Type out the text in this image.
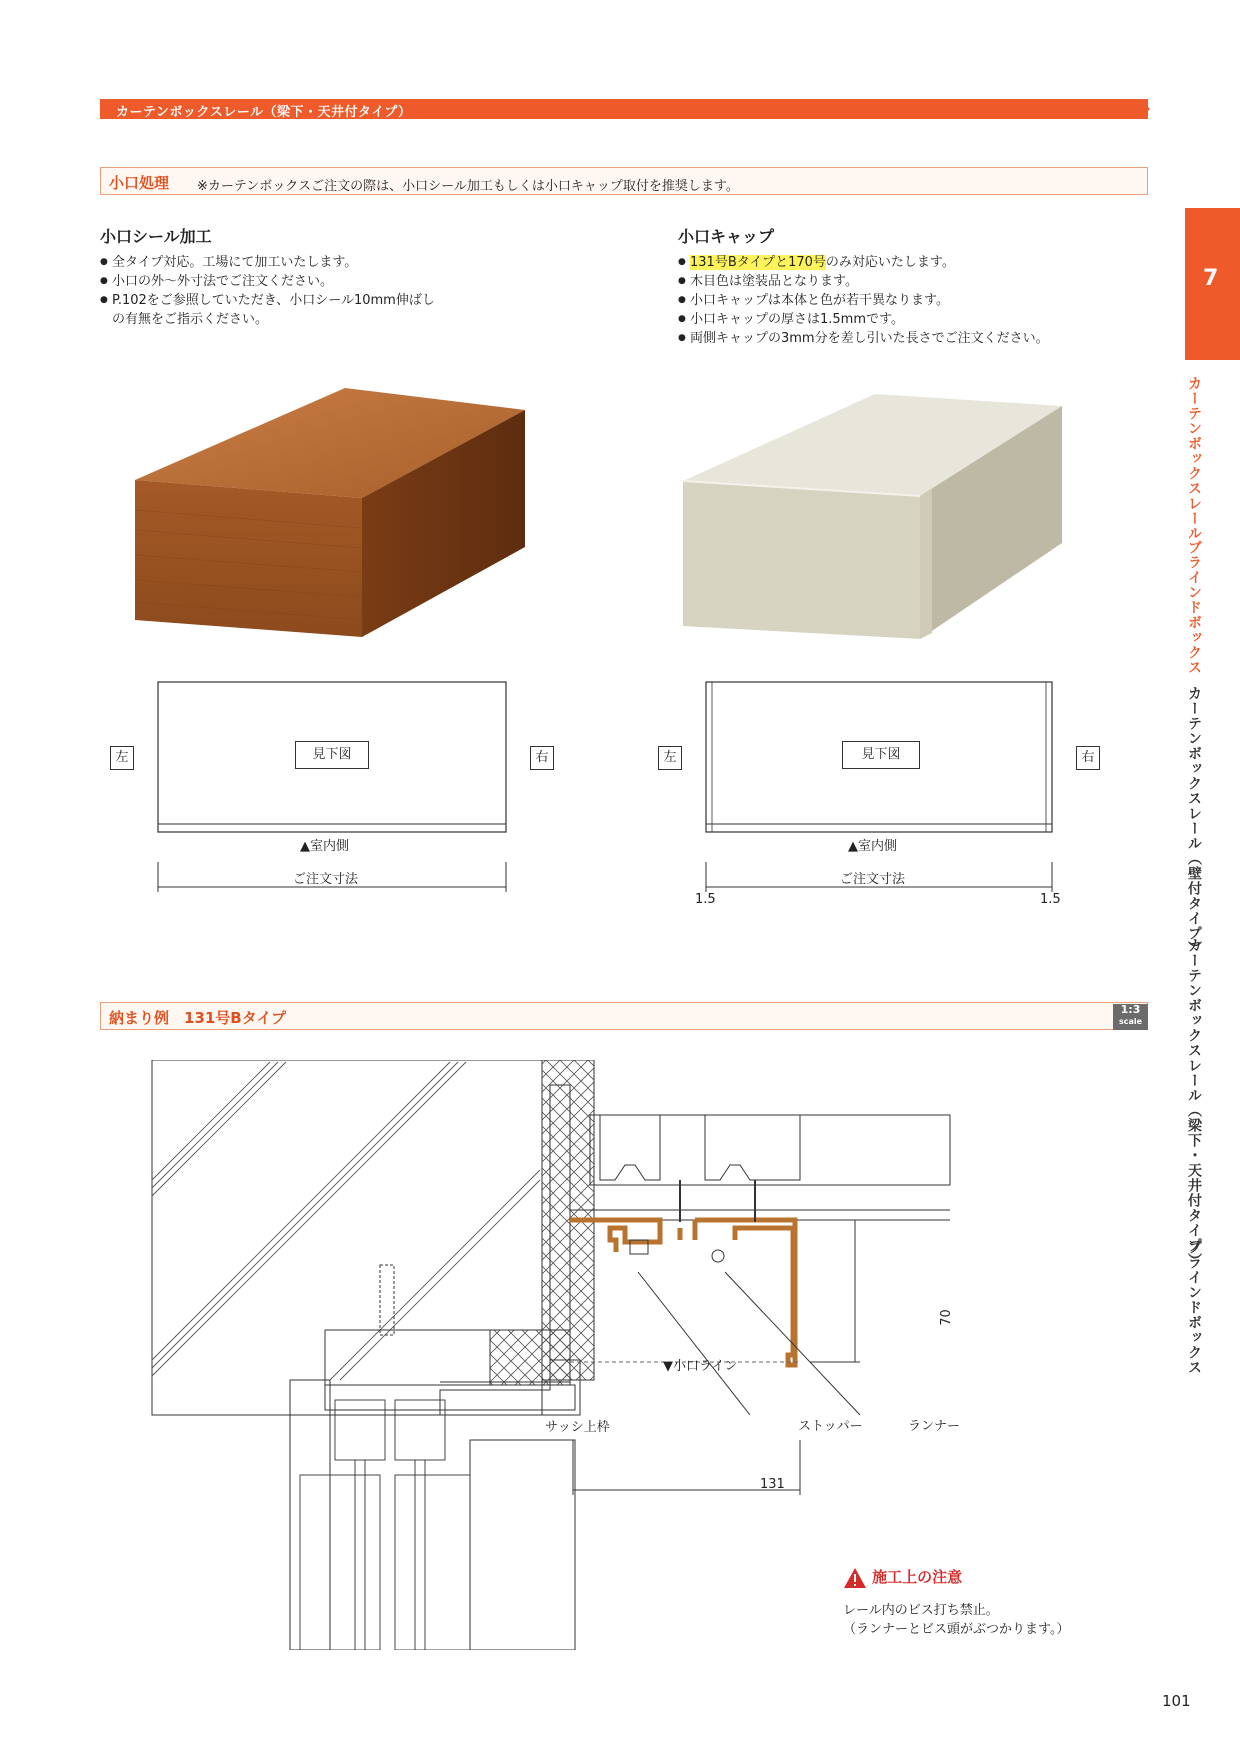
カーテンボックスレール（梁下・天井付タイプ）
小口処理 ※カーテンボックスご注文の際は、小口シール加工もしくは小口キャップ取付を推奨します。
小口シール加工
● 全タイプ対応。工場にて加工いたします。
● 小口の外〜外寸法でご注文ください。
● P.102をご参照していただき、小口シール10mm伸ばし
の有無をご指示ください。
小口キャップ
● 131号Bタイプと170号のみ対応いたします。
● 木目色は塗装品となります。
● 小口キャップは本体と色が若干異なります。
● 小口キャップの厚さは1.5mmです。
● 両側キャップの3mm分を差し引いた長さでご注文ください。
7
カーテンボックスレール
ブラインドボックス
カーテンボックスレール（壁付タイプ）
カーテンボックスレール（梁下・天井付タイプ）
ブラインドボックス
左	右
見下図
▲室内側
ご注文寸法
左	右
見下図
▲室内側
ご注文寸法
1.5	1.5
納まり例　131号Bタイプ	1:3
scale
▼小口ライン
サッシ上枠	ストッパー	ランナー
70
131
施工上の注意
レール内のビス打ち禁止。
（ランナーとビス頭がぶつかります。）
101
